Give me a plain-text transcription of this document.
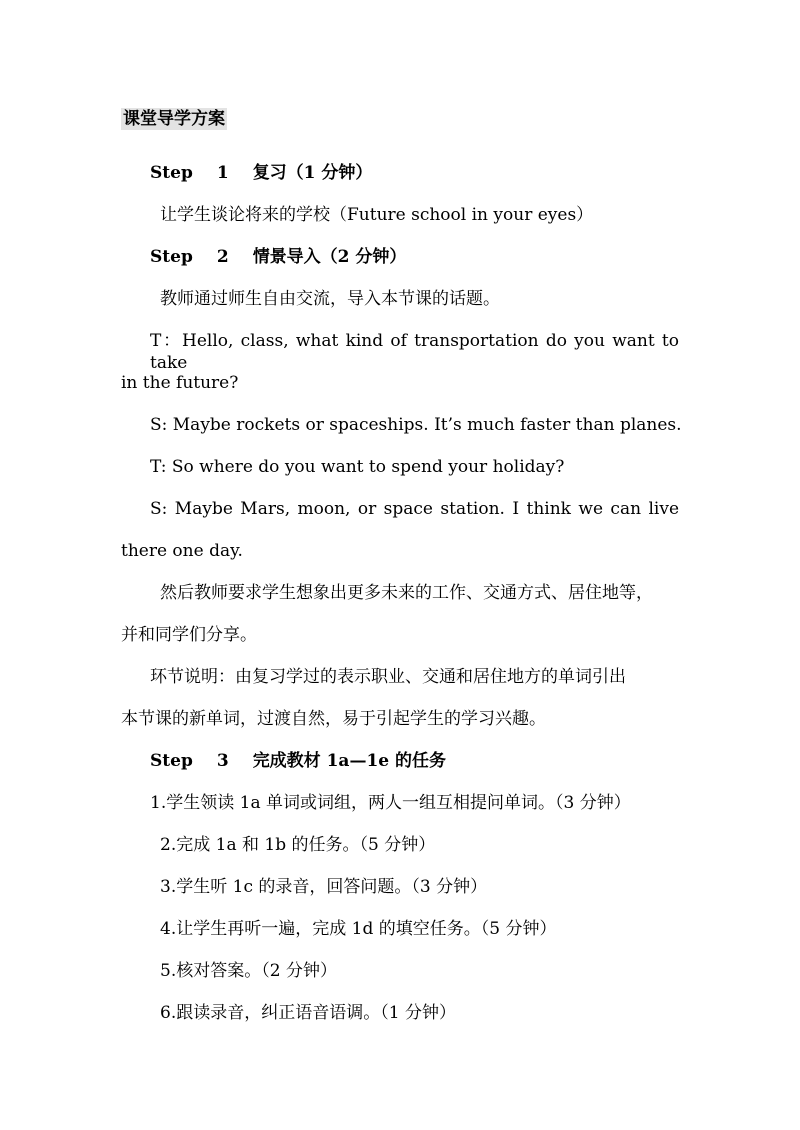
课堂导学方案
Step 1 复习（1 分钟）
让学生谈论将来的学校（Future school in your eyes）
Step 2 情景导入（2 分钟）
教师通过师生自由交流，导入本节课的话题。
T：Hello, class, what kind of transportation do you want to take
in the future?
S: Maybe rockets or spaceships. It’s much faster than planes.
T: So where do you want to spend your holiday?
S: Maybe Mars, moon, or space station. I think we can live
there one day.
然后教师要求学生想象出更多未来的工作、交通方式、居住地等，
并和同学们分享。
环节说明：由复习学过的表示职业、交通和居住地方的单词引出
本节课的新单词，过渡自然，易于引起学生的学习兴趣。
Step 3 完成教材 1a—1e 的任务
1.学生领读 1a 单词或词组，两人一组互相提问单词。（3 分钟）
2.完成 1a 和 1b 的任务。（5 分钟）
3.学生听 1c 的录音，回答问题。（3 分钟）
4.让学生再听一遍，完成 1d 的填空任务。（5 分钟）
5.核对答案。（2 分钟）
6.跟读录音，纠正语音语调。（1 分钟）
